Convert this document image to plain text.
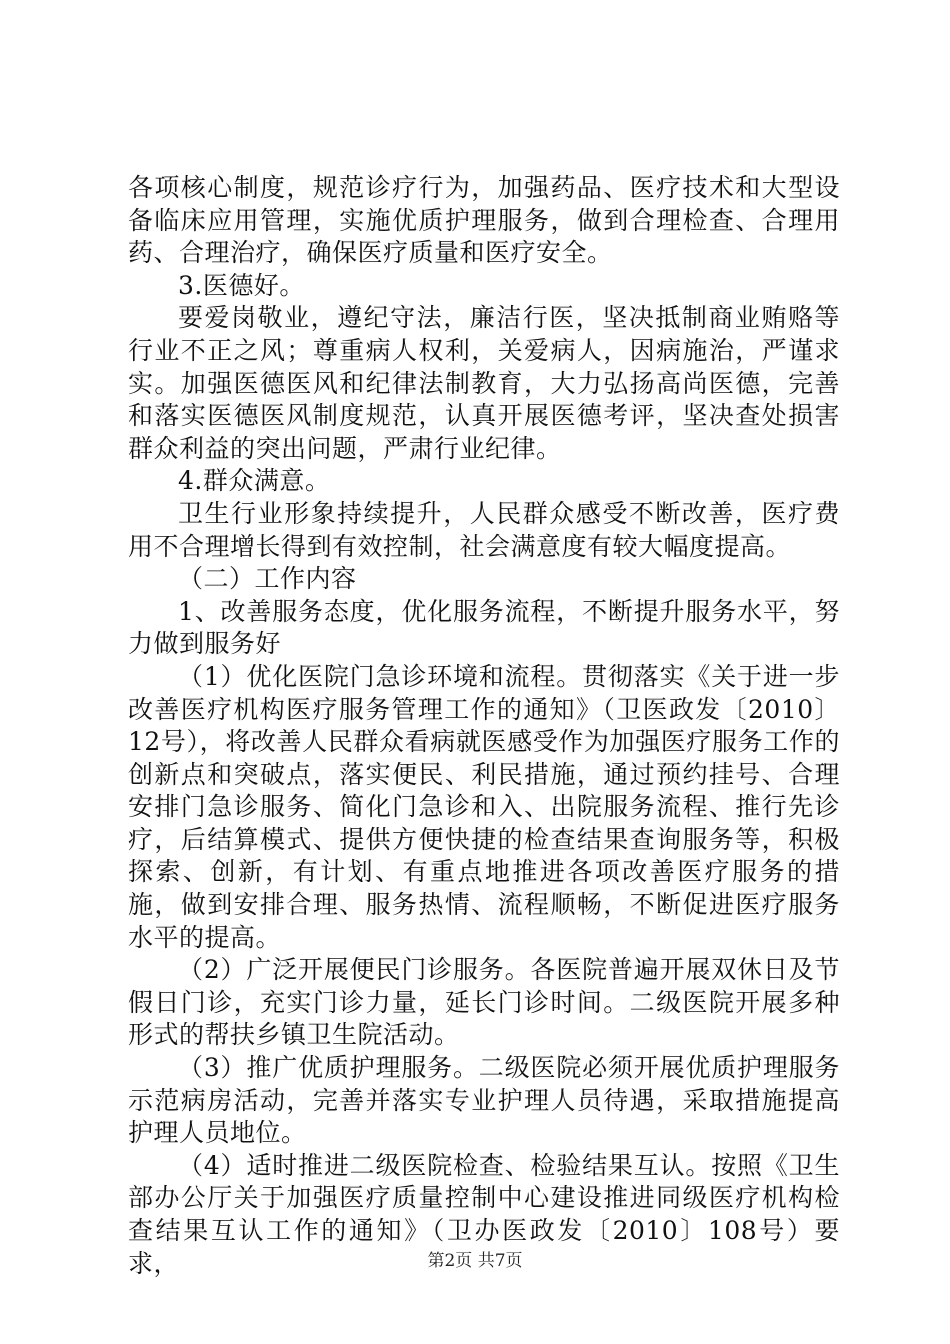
各项核心制度，规范诊疗行为，加强药品、医疗技术和大型设备临床应用管理，实施优质护理服务，做到合理检查、合理用药、合理治疗，确保医疗质量和医疗安全。

3.医德好。

要爱岗敬业，遵纪守法，廉洁行医，坚决抵制商业贿赂等行业不正之风；尊重病人权利，关爱病人，因病施治，严谨求实。加强医德医风和纪律法制教育，大力弘扬高尚医德，完善和落实医德医风制度规范，认真开展医德考评，坚决查处损害群众利益的突出问题，严肃行业纪律。

4.群众满意。

卫生行业形象持续提升，人民群众感受不断改善，医疗费用不合理增长得到有效控制，社会满意度有较大幅度提高。

（二）工作内容

1、改善服务态度，优化服务流程，不断提升服务水平，努力做到服务好

（1）优化医院门急诊环境和流程。贯彻落实《关于进一步改善医疗机构医疗服务管理工作的通知》（卫医政发〔2010〕12号），将改善人民群众看病就医感受作为加强医疗服务工作的创新点和突破点，落实便民、利民措施，通过预约挂号、合理安排门急诊服务、简化门急诊和入、出院服务流程、推行先诊疗，后结算模式、提供方便快捷的检查结果查询服务等，积极探索、创新，有计划、有重点地推进各项改善医疗服务的措施，做到安排合理、服务热情、流程顺畅，不断促进医疗服务水平的提高。

（2）广泛开展便民门诊服务。各医院普遍开展双休日及节假日门诊，充实门诊力量，延长门诊时间。二级医院开展多种形式的帮扶乡镇卫生院活动。

（3）推广优质护理服务。二级医院必须开展优质护理服务示范病房活动，完善并落实专业护理人员待遇，采取措施提高护理人员地位。

（4）适时推进二级医院检查、检验结果互认。按照《卫生部办公厅关于加强医疗质量控制中心建设推进同级医疗机构检查结果互认工作的通知》（卫办医政发〔2010〕108号）要求，	第2页 共7页
